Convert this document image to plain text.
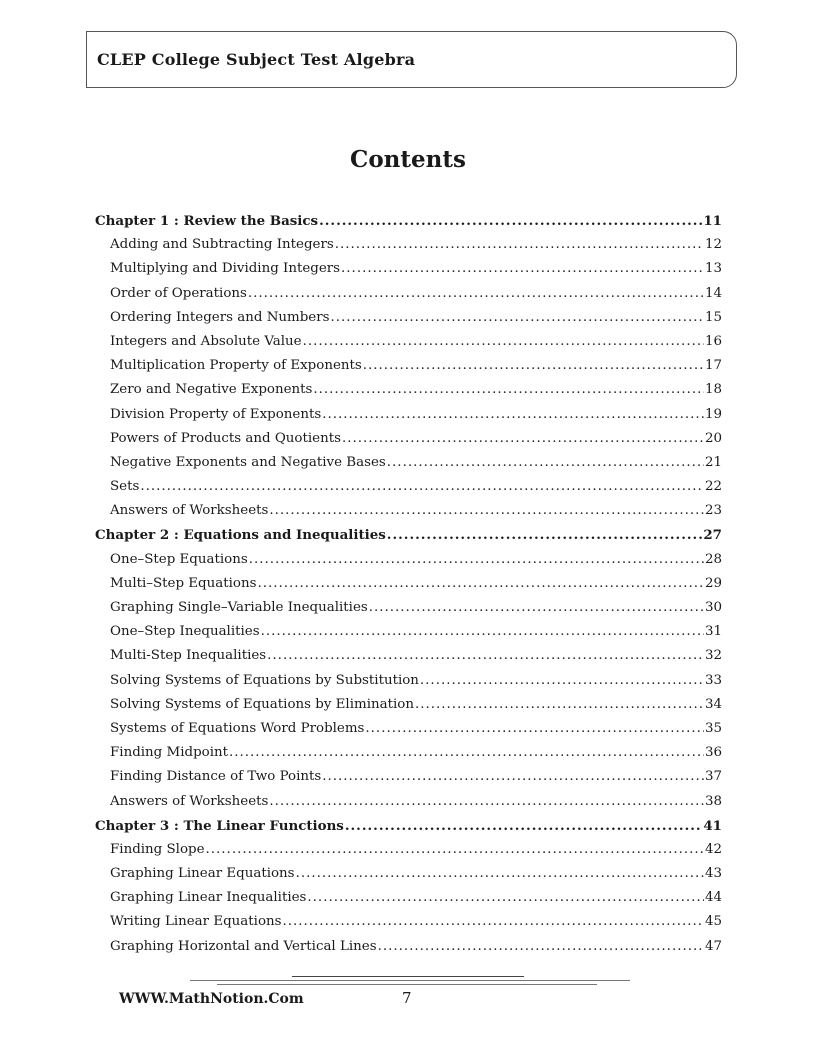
CLEP College Subject Test Algebra
Contents
Chapter 1 : Review the Basics .....	11
Adding and Subtracting Integers .....	12
Multiplying and Dividing Integers .....	13
Order of Operations .....	14
Ordering Integers and Numbers .....	15
Integers and Absolute Value .....	16
Multiplication Property of Exponents .....	17
Zero and Negative Exponents .....	18
Division Property of Exponents .....	19
Powers of Products and Quotients .....	20
Negative Exponents and Negative Bases .....	21
Sets .....	22
Answers of Worksheets .....	23
Chapter 2 : Equations and Inequalities .....	27
One–Step Equations .....	28
Multi–Step Equations .....	29
Graphing Single–Variable Inequalities .....	30
One–Step Inequalities .....	31
Multi-Step Inequalities .....	32
Solving Systems of Equations by Substitution .....	33
Solving Systems of Equations by Elimination .....	34
Systems of Equations Word Problems .....	35
Finding Midpoint .....	36
Finding Distance of Two Points .....	37
Answers of Worksheets .....	38
Chapter 3 : The Linear Functions .....	41
Finding Slope .....	42
Graphing Linear Equations .....	43
Graphing Linear Inequalities .....	44
Writing Linear Equations .....	45
Graphing Horizontal and Vertical Lines .....	47
WWW.MathNotion.Com	7
